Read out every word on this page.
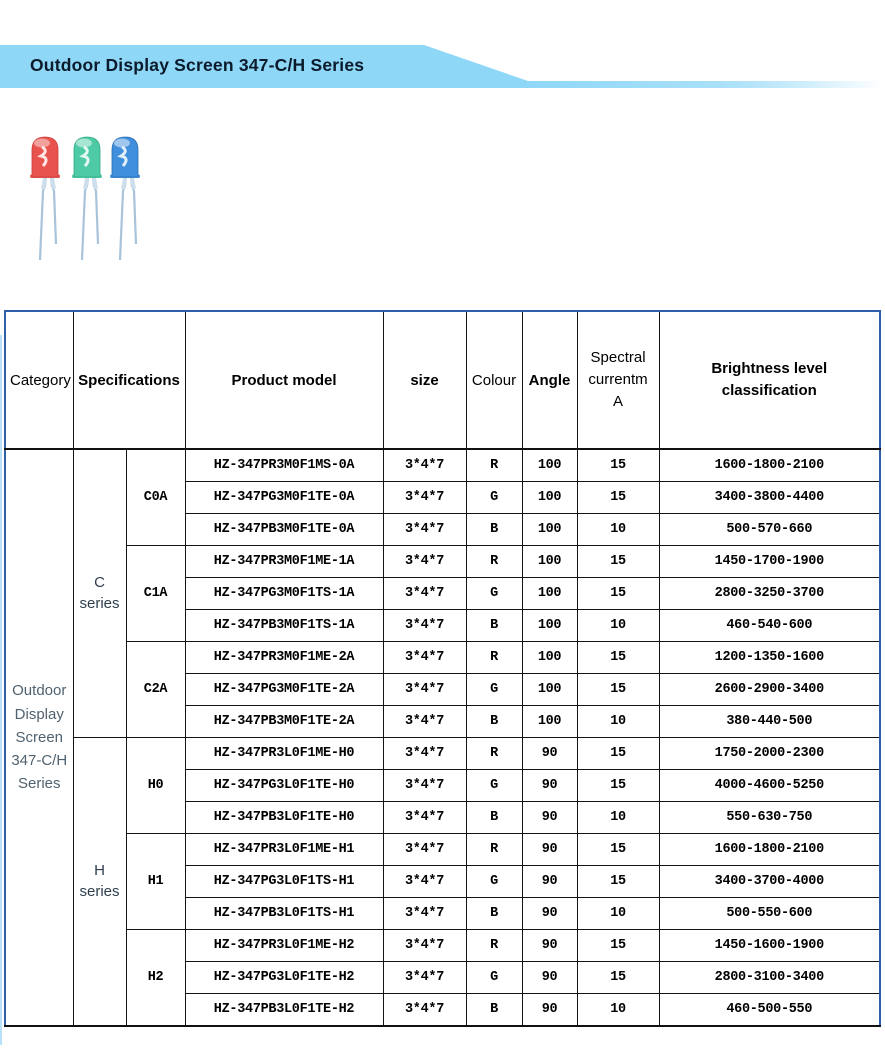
Outdoor Display Screen 347-C/H Series
Category	Specifications		Product model	size	Colour	Angle	Spectral currentmA	Brightness level classification
Outdoor Display Screen 347-C/H Series	C series	C0A	HZ-347PR3M0F1MS-0A	3*4*7	R	100	15	1600-1800-2100
			HZ-347PG3M0F1TE-0A	3*4*7	G	100	15	3400-3800-4400
			HZ-347PB3M0F1TE-0A	3*4*7	B	100	10	500-570-660
		C1A	HZ-347PR3M0F1ME-1A	3*4*7	R	100	15	1450-1700-1900
			HZ-347PG3M0F1TS-1A	3*4*7	G	100	15	2800-3250-3700
			HZ-347PB3M0F1TS-1A	3*4*7	B	100	10	460-540-600
		C2A	HZ-347PR3M0F1ME-2A	3*4*7	R	100	15	1200-1350-1600
			HZ-347PG3M0F1TE-2A	3*4*7	G	100	15	2600-2900-3400
			HZ-347PB3M0F1TE-2A	3*4*7	B	100	10	380-440-500
	H series	H0	HZ-347PR3L0F1ME-H0	3*4*7	R	90	15	1750-2000-2300
			HZ-347PG3L0F1TE-H0	3*4*7	G	90	15	4000-4600-5250
			HZ-347PB3L0F1TE-H0	3*4*7	B	90	10	550-630-750
		H1	HZ-347PR3L0F1ME-H1	3*4*7	R	90	15	1600-1800-2100
			HZ-347PG3L0F1TS-H1	3*4*7	G	90	15	3400-3700-4000
			HZ-347PB3L0F1TS-H1	3*4*7	B	90	10	500-550-600
		H2	HZ-347PR3L0F1ME-H2	3*4*7	R	90	15	1450-1600-1900
			HZ-347PG3L0F1TE-H2	3*4*7	G	90	15	2800-3100-3400
			HZ-347PB3L0F1TE-H2	3*4*7	B	90	10	460-500-550
